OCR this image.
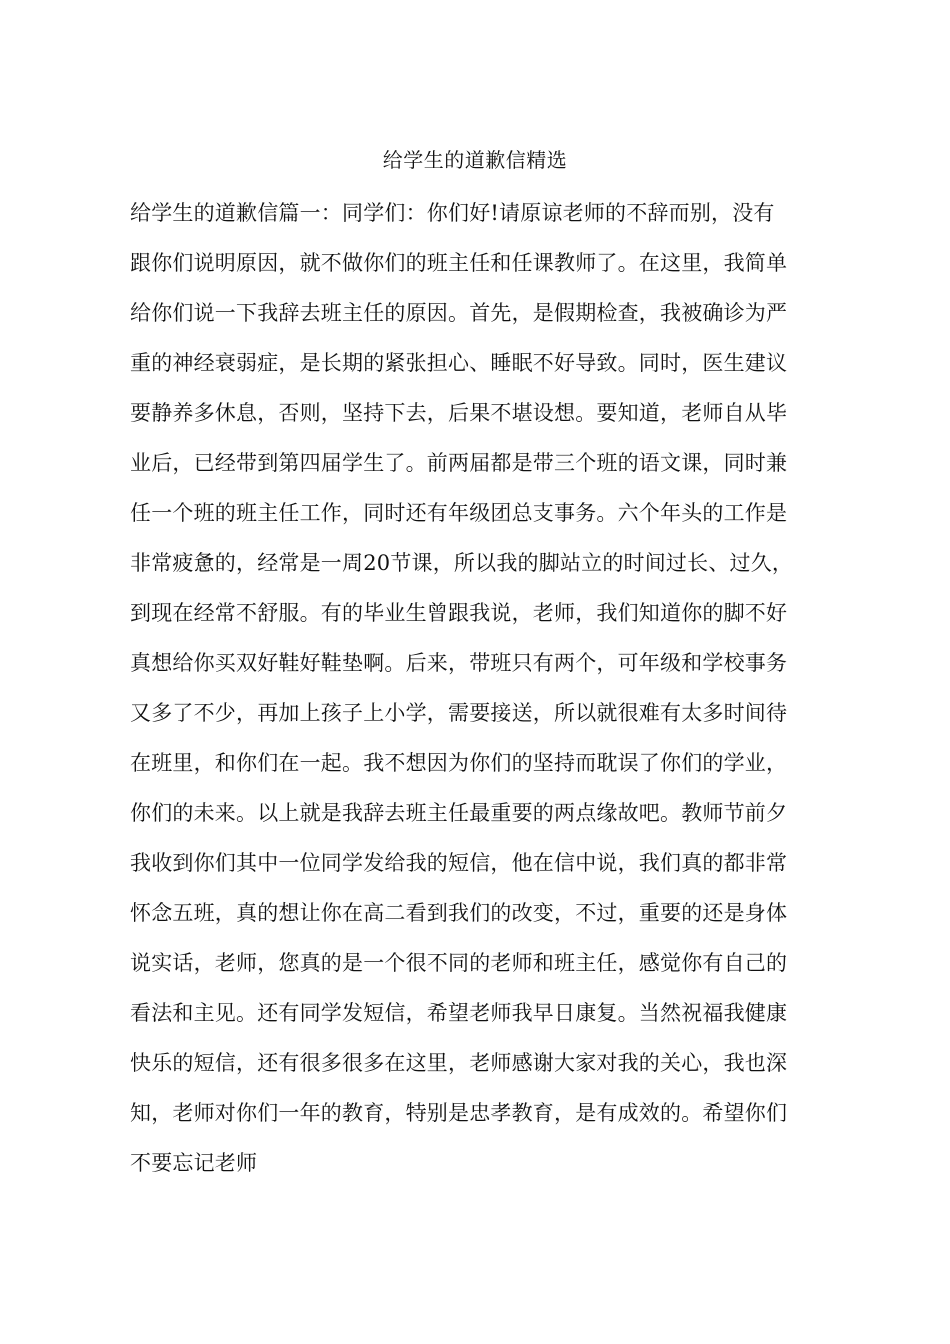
给学生的道歉信精选
给学生的道歉信篇一：同学们：你们好!请原谅老师的不辞而别，没有
跟你们说明原因，就不做你们的班主任和任课教师了。在这里，我简单
给你们说一下我辞去班主任的原因。首先，是假期检查，我被确诊为严
重的神经衰弱症，是长期的紧张担心、睡眠不好导致。同时，医生建议
要静养多休息，否则，坚持下去，后果不堪设想。要知道，老师自从毕
业后，已经带到第四届学生了。前两届都是带三个班的语文课，同时兼
任一个班的班主任工作，同时还有年级团总支事务。六个年头的工作是
非常疲惫的，经常是一周20节课，所以我的脚站立的时间过长、过久，
到现在经常不舒服。有的毕业生曾跟我说，老师，我们知道你的脚不好
真想给你买双好鞋好鞋垫啊。后来，带班只有两个，可年级和学校事务
又多了不少，再加上孩子上小学，需要接送，所以就很难有太多时间待
在班里，和你们在一起。我不想因为你们的坚持而耽误了你们的学业，
你们的未来。以上就是我辞去班主任最重要的两点缘故吧。教师节前夕
我收到你们其中一位同学发给我的短信，他在信中说，我们真的都非常
怀念五班，真的想让你在高二看到我们的改变，不过，重要的还是身体
说实话，老师，您真的是一个很不同的老师和班主任，感觉你有自己的
看法和主见。还有同学发短信，希望老师我早日康复。当然祝福我健康
快乐的短信，还有很多很多在这里，老师感谢大家对我的关心，我也深
知，老师对你们一年的教育，特别是忠孝教育，是有成效的。希望你们
不要忘记老师
